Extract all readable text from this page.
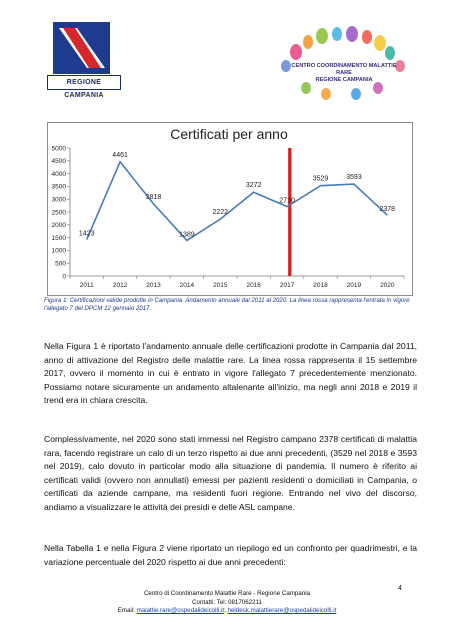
REGIONE CAMPANIA
CENTRO COORDINAMENTO MALATTIE RARE
REGIONE CAMPANIA
Certificati per anno
0
500
1000
1500
2000
2500
3000
3500
4000
4500
5000
2011	2012	2013	2014	2015	2016	2017	2018	2019	2020
1423
4461
2818
1389
2222
3272
2710
3529	3593
2378
Figura 1: Certificazioni valide prodotte in Campania. Andamento annuale dal 2011 al 2020. La linea rossa rappresenta l'entrata in vigore l'allegato 7 del DPCM 12 gennaio 2017.

Nella Figura 1 è riportato l'andamento annuale delle certificazioni prodotte in Campania dal 2011, anno di attivazione del Registro delle malattie rare. La linea rossa rappresenta il 15 settembre 2017, ovvero il momento in cui è entrato in vigore l'allegato 7 precedentemente menzionato. Possiamo notare sicuramente un andamento altalenante all'inizio, ma negli anni 2018 e 2019 il trend era in chiara crescita.

Complessivamente, nel 2020 sono stati immessi nel Registro campano 2378 certificati di malattia rara, facendo registrare un calo di un terzo rispetto ai due anni precedenti, (3529 nel 2018 e 3593 nel 2019), calo dovuto in particolar modo alla situazione di pandemia. Il numero è riferito ai certificati validi (ovvero non annullati) emessi per pazienti residenti o domiciliati in Campania, o certificati da aziende campane, ma residenti fuori regione. Entrando nel vivo del discorso, andiamo a visualizzare le attività dei presidi e delle ASL campane.

Nella Tabella 1 e nella Figura 2 viene riportato un riepilogo ed un confronto per quadrimestri, e la variazione percentuale del 2020 rispetto ai due anni precedenti:

4
Centro di Coordinamento Malattie Rare - Regione Campania
Contatti: Tel: 0817062211
Email: malattie.rare@ospedalideicolli.it; heldesk.malattierare@ospedalideicolli.it
